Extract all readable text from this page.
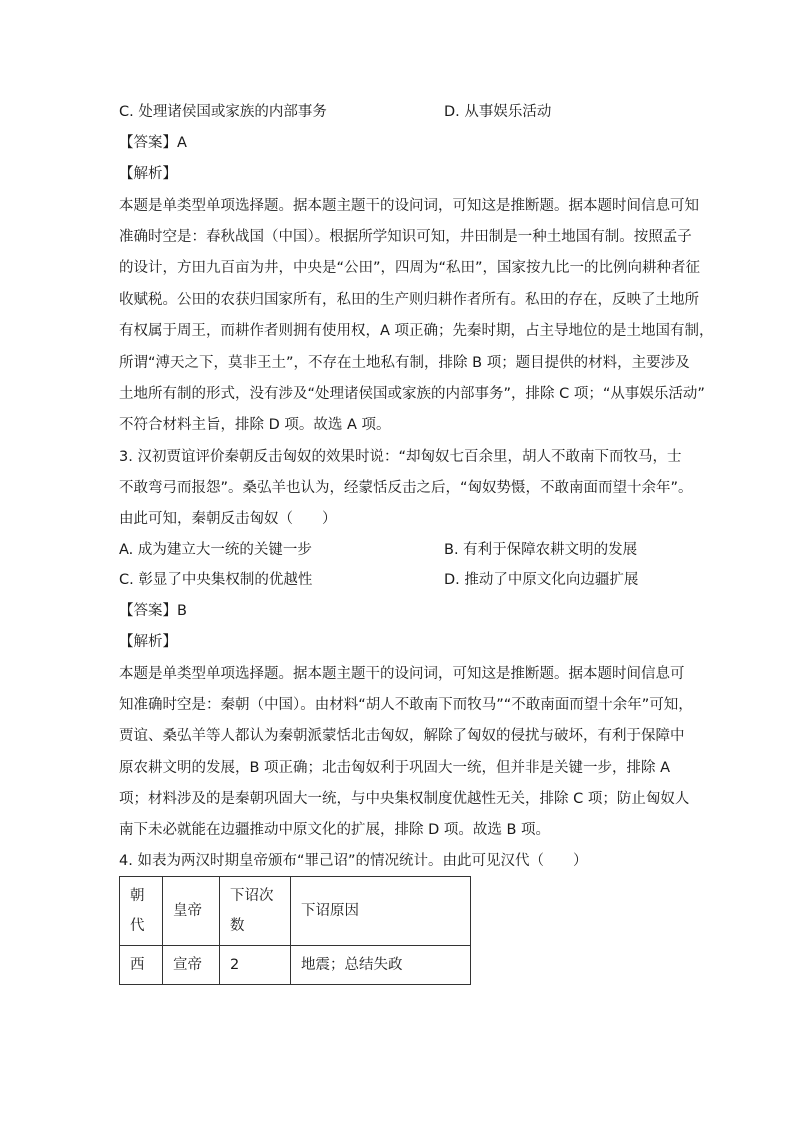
C. 处理诸侯国或家族的内部事务	D. 从事娱乐活动
【答案】A
【解析】
本题是单类型单项选择题。据本题主题干的设问词，可知这是推断题。据本题时间信息可知
准确时空是：春秋战国（中国）。根据所学知识可知，井田制是一种土地国有制。按照孟子
的设计，方田九百亩为井，中央是“公田”，四周为“私田”，国家按九比一的比例向耕种者征
收赋税。公田的农获归国家所有，私田的生产则归耕作者所有。私田的存在，反映了土地所
有权属于周王，而耕作者则拥有使用权，A 项正确；先秦时期，占主导地位的是土地国有制，
所谓“溥天之下，莫非王土”，不存在土地私有制，排除 B 项；题目提供的材料，主要涉及
土地所有制的形式，没有涉及“处理诸侯国或家族的内部事务”，排除 C 项；“从事娱乐活动”
不符合材料主旨，排除 D 项。故选 A 项。
3. 汉初贾谊评价秦朝反击匈奴的效果时说：“却匈奴七百余里，胡人不敢南下而牧马，士
不敢弯弓而报怨”。桑弘羊也认为，经蒙恬反击之后，“匈奴势慑，不敢南面而望十余年”。
由此可知，秦朝反击匈奴（　　）
A. 成为建立大一统的关键一步	B. 有利于保障农耕文明的发展
C. 彰显了中央集权制的优越性	D. 推动了中原文化向边疆扩展
【答案】B
【解析】
本题是单类型单项选择题。据本题主题干的设问词，可知这是推断题。据本题时间信息可
知准确时空是：秦朝（中国）。由材料“胡人不敢南下而牧马”“不敢南面而望十余年”可知，
贾谊、桑弘羊等人都认为秦朝派蒙恬北击匈奴，解除了匈奴的侵扰与破坏，有利于保障中
原农耕文明的发展，B 项正确；北击匈奴利于巩固大一统，但并非是关键一步，排除 A
项；材料涉及的是秦朝巩固大一统，与中央集权制度优越性无关，排除 C 项；防止匈奴人
南下未必就能在边疆推动中原文化的扩展，排除 D 项。故选 B 项。
4. 如表为两汉时期皇帝颁布“罪己诏”的情况统计。由此可见汉代（　　）
朝代	皇帝	下诏次数	下诏原因
西	宣帝	2	地震；总结失政
